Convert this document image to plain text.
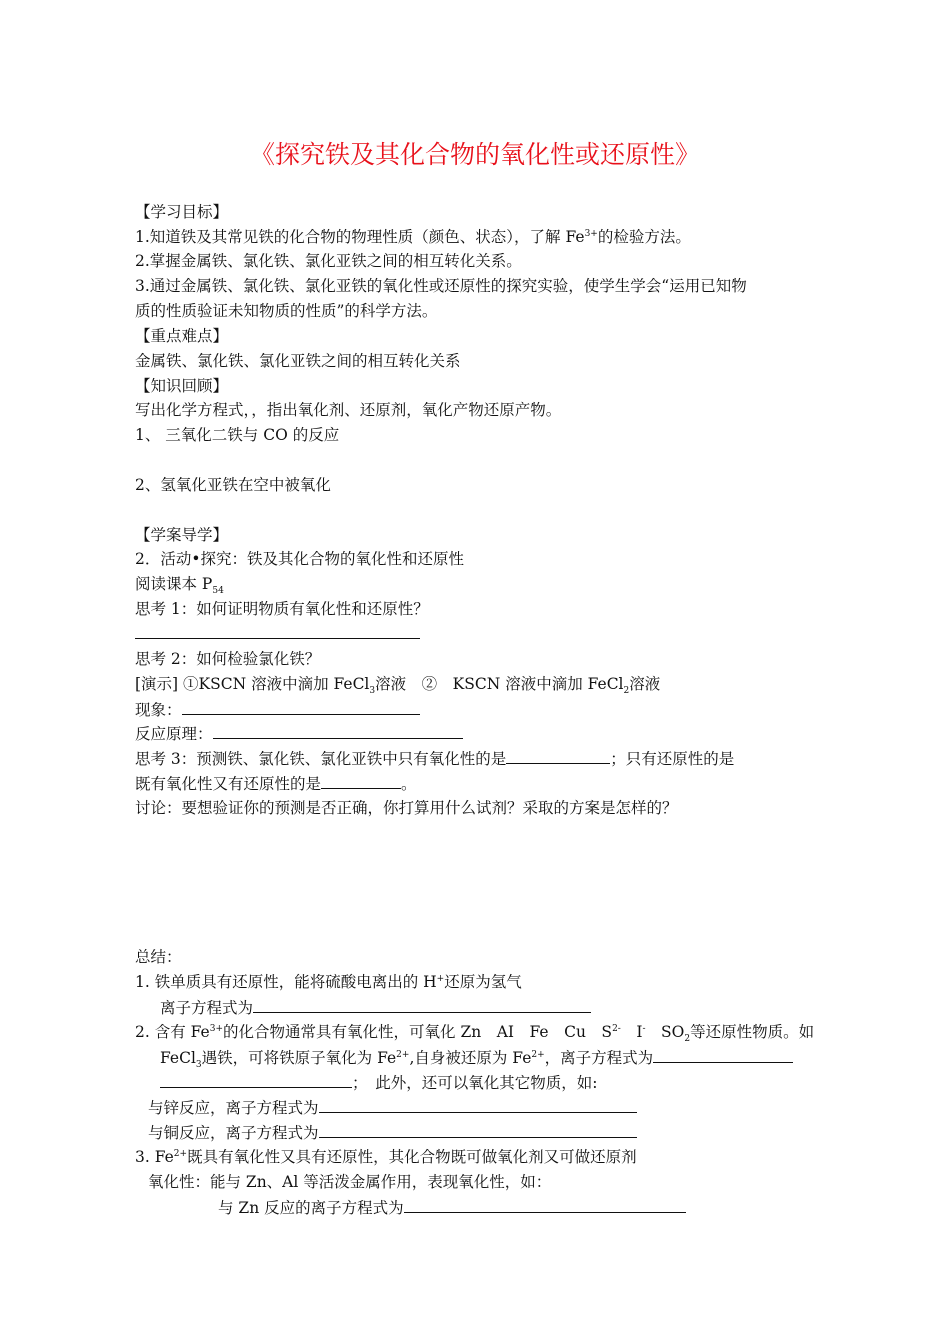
《探究铁及其化合物的氧化性或还原性》
【学习目标】
1.知道铁及其常见铁的化合物的物理性质（颜色、状态），了解 $Fe^{3+}$的检验方法。
2.掌握金属铁、氯化铁、氯化亚铁之间的相互转化关系。
3.通过金属铁、氯化铁、氯化亚铁的氧化性或还原性的探究实验，使学生学会“运用已知物
质的性质验证未知物质的性质”的科学方法。
【重点难点】
金属铁、氯化铁、氯化亚铁之间的相互转化关系
【知识回顾】
写出化学方程式，，指出氧化剂、还原剂，氧化产物还原产物。
1、 三氧化二铁与 CO 的反应
2、氢氧化亚铁在空中被氧化
【学案导学】
2．活动•探究：铁及其化合物的氧化性和还原性
阅读课本 $P_{54}$
思考 1：如何证明物质有氧化性和还原性？
思考 2：如何检验氯化铁？
[演示] ①KSCN 溶液中滴加 FeCl$_3$溶液　②　KSCN 溶液中滴加 FeCl$_2$溶液
现象：
反应原理：
思考 3：预测铁、氯化铁、氯化亚铁中只有氧化性的是	；只有还原性的是
既有氧化性又有还原性的是	。
讨论：要想验证你的预测是否正确，你打算用什么试剂？采取的方案是怎样的？
总结：
1. 铁单质具有还原性，能将硫酸电离出的 H+还原为氢气
离子方程式为
2. 含有 $Fe^{3+}$的化合物通常具有氧化性，可氧化 Zn　AI　Fe　Cu　$S^{2-}$　I-　$SO_2$等还原性物质。如
FeCl$_3$遇铁，可将铁原子氧化为 $Fe^{2+}$,自身被还原为 $Fe^{2+}$，离子方程式为
；　此外，还可以氧化其它物质，如:
与锌反应，离子方程式为
与铜反应，离子方程式为
3. $Fe^{2+}$既具有氧化性又具有还原性，其化合物既可做氧化剂又可做还原剂
氧化性：能与 Zn、Al 等活泼金属作用，表现氧化性，如：
与 Zn 反应的离子方程式为
